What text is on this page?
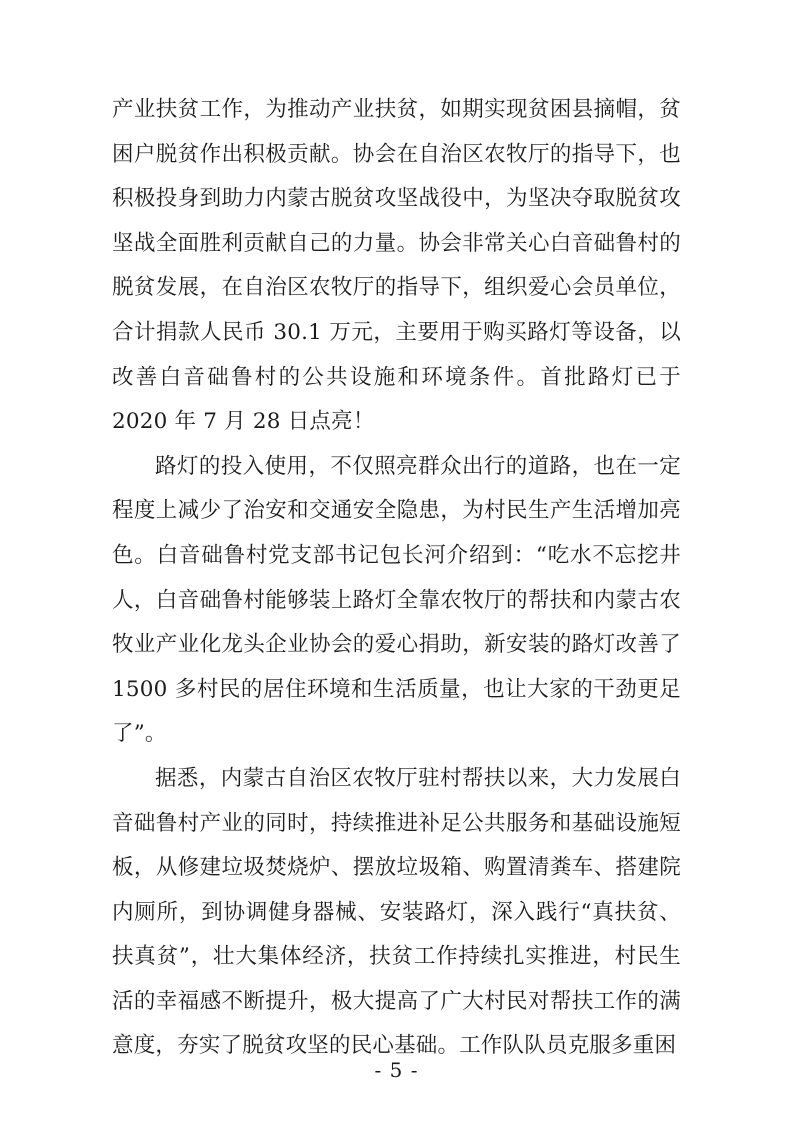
产业扶贫工作，为推动产业扶贫，如期实现贫困县摘帽，贫困户脱贫作出积极贡献。协会在自治区农牧厅的指导下，也积极投身到助力内蒙古脱贫攻坚战役中，为坚决夺取脱贫攻坚战全面胜利贡献自己的力量。协会非常关心白音础鲁村的脱贫发展，在自治区农牧厅的指导下，组织爱心会员单位，合计捐款人民币 30.1 万元，主要用于购买路灯等设备，以改善白音础鲁村的公共设施和环境条件。首批路灯已于 2020 年 7 月 28 日点亮！

路灯的投入使用，不仅照亮群众出行的道路，也在一定程度上减少了治安和交通安全隐患，为村民生产生活增加亮色。白音础鲁村党支部书记包长河介绍到：“吃水不忘挖井人，白音础鲁村能够装上路灯全靠农牧厅的帮扶和内蒙古农牧业产业化龙头企业协会的爱心捐助，新安装的路灯改善了 1500 多村民的居住环境和生活质量，也让大家的干劲更足了”。

据悉，内蒙古自治区农牧厅驻村帮扶以来，大力发展白音础鲁村产业的同时，持续推进补足公共服务和基础设施短板，从修建垃圾焚烧炉、摆放垃圾箱、购置清粪车、搭建院内厕所，到协调健身器械、安装路灯，深入践行“真扶贫、扶真贫”，壮大集体经济，扶贫工作持续扎实推进，村民生活的幸福感不断提升，极大提高了广大村民对帮扶工作的满意度，夯实了脱贫攻坚的民心基础。工作队队员克服多重困

- 5 -
